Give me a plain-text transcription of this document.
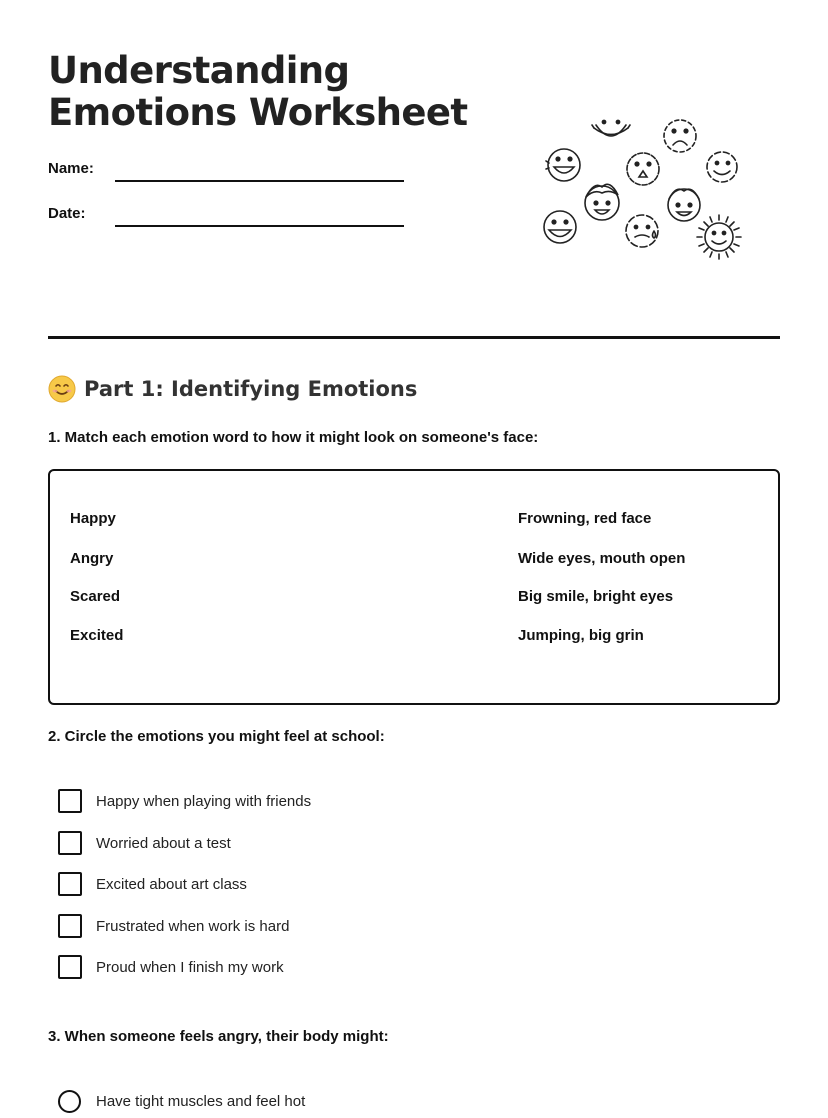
Understanding
Emotions Worksheet
Name:
Date:
Part 1: Identifying Emotions
1. Match each emotion word to how it might look on someone's face:
Happy
Angry
Scared
Excited
Frowning, red face
Wide eyes, mouth open
Big smile, bright eyes
Jumping, big grin
2. Circle the emotions you might feel at school:
Happy when playing with friends
Worried about a test
Excited about art class
Frustrated when work is hard
Proud when I finish my work
3. When someone feels angry, their body might:
Have tight muscles and feel hot
